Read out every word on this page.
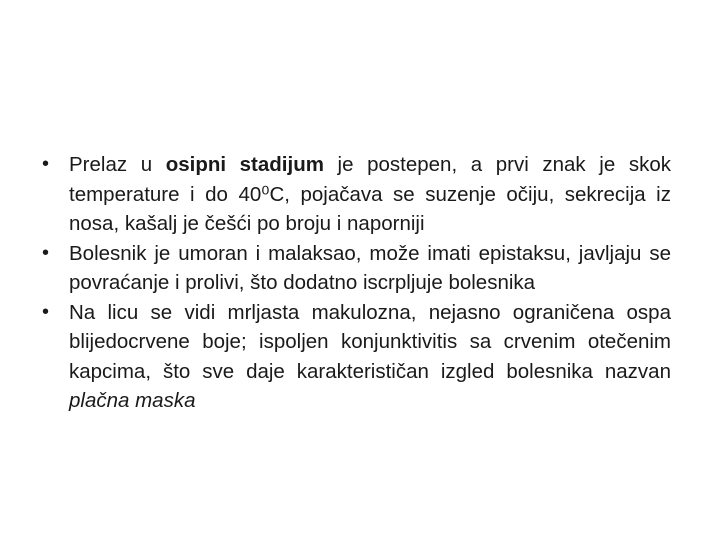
• Prelaz u osipni stadijum je postepen, a prvi znak je skok temperature i do 40⁰C, pojačava se suzenje očiju, sekrecija iz nosa, kašalj je češći po broju i naporniji
• Bolesnik je umoran i malaksao, može imati epistaksu, javljaju se povraćanje i prolivi, što dodatno iscrpljuje bolesnika
• Na licu se vidi mrljasta makulozna, nejasno ograničena ospa blijedocrvene boje; ispoljen konjunktivitis sa crvenim otečenim kapcima, što sve daje karakterističan izgled bolesnika nazvan plačna maska
